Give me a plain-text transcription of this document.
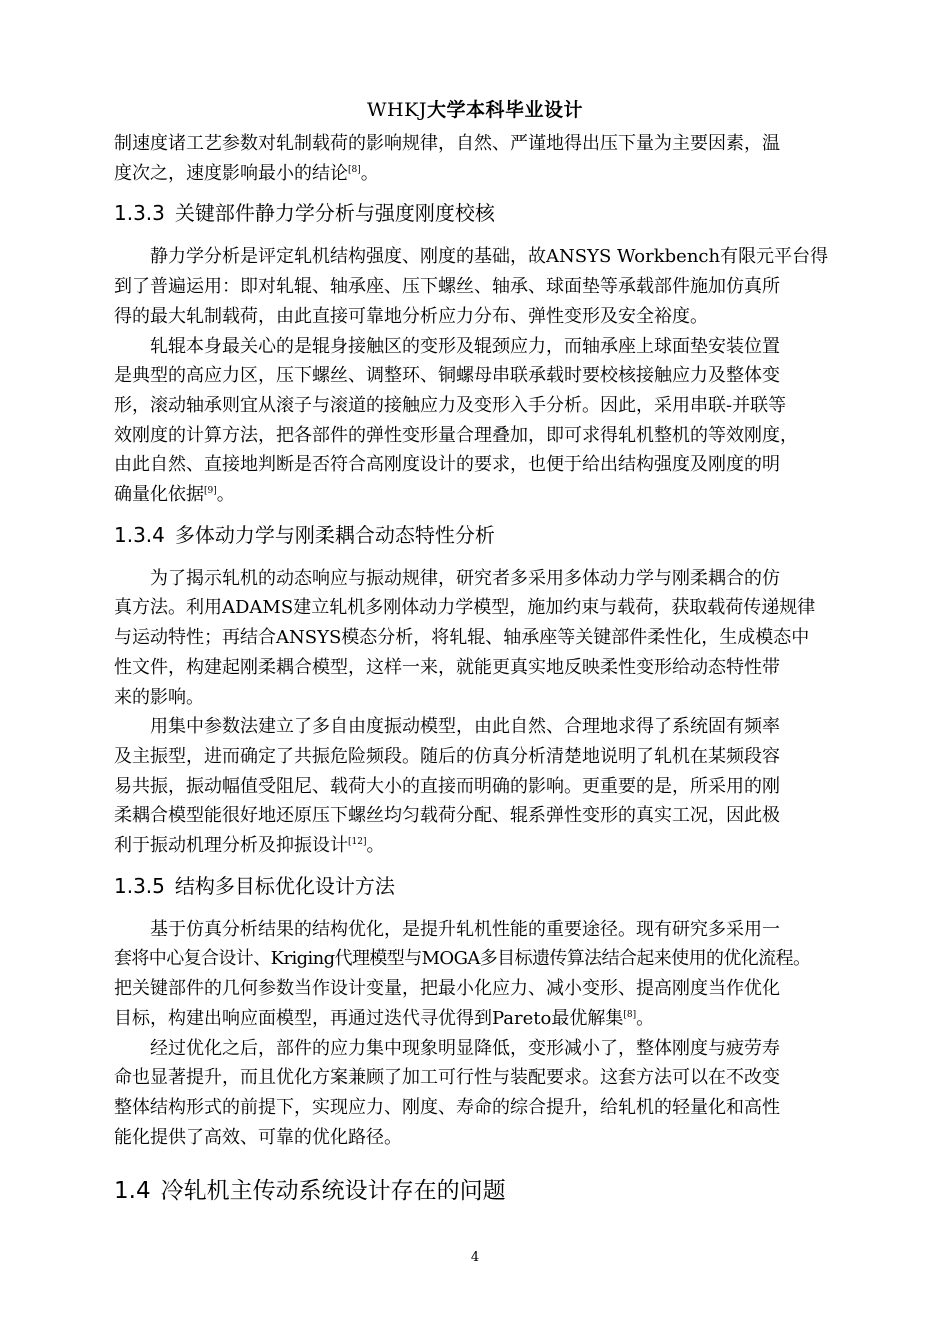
WHKJ大学本科毕业设计

制速度诸工艺参数对轧制载荷的影响规律，自然、严谨地得出压下量为主要因素，温
度次之，速度影响最小的结论[8]。

1.3.3 关键部件静力学分析与强度刚度校核

静力学分析是评定轧机结构强度、刚度的基础，故ANSYS Workbench有限元平台得
到了普遍运用：即对轧辊、轴承座、压下螺丝、轴承、球面垫等承载部件施加仿真所
得的最大轧制载荷，由此直接可靠地分析应力分布、弹性变形及安全裕度。

轧辊本身最关心的是辊身接触区的变形及辊颈应力，而轴承座上球面垫安装位置
是典型的高应力区，压下螺丝、调整环、铜螺母串联承载时要校核接触应力及整体变
形，滚动轴承则宜从滚子与滚道的接触应力及变形入手分析。因此，采用串联-并联等
效刚度的计算方法，把各部件的弹性变形量合理叠加，即可求得轧机整机的等效刚度，
由此自然、直接地判断是否符合高刚度设计的要求，也便于给出结构强度及刚度的明
确量化依据[9]。

1.3.4 多体动力学与刚柔耦合动态特性分析

为了揭示轧机的动态响应与振动规律，研究者多采用多体动力学与刚柔耦合的仿
真方法。利用ADAMS建立轧机多刚体动力学模型，施加约束与载荷，获取载荷传递规律
与运动特性；再结合ANSYS模态分析，将轧辊、轴承座等关键部件柔性化，生成模态中
性文件，构建起刚柔耦合模型，这样一来，就能更真实地反映柔性变形给动态特性带
来的影响。

用集中参数法建立了多自由度振动模型，由此自然、合理地求得了系统固有频率
及主振型，进而确定了共振危险频段。随后的仿真分析清楚地说明了轧机在某频段容
易共振，振动幅值受阻尼、载荷大小的直接而明确的影响。更重要的是，所采用的刚
柔耦合模型能很好地还原压下螺丝均匀载荷分配、辊系弹性变形的真实工况，因此极
利于振动机理分析及抑振设计[12]。

1.3.5 结构多目标优化设计方法

基于仿真分析结果的结构优化，是提升轧机性能的重要途径。现有研究多采用一
套将中心复合设计、Kriging代理模型与MOGA多目标遗传算法结合起来使用的优化流程。
把关键部件的几何参数当作设计变量，把最小化应力、减小变形、提高刚度当作优化
目标，构建出响应面模型，再通过迭代寻优得到Pareto最优解集[8]。

经过优化之后，部件的应力集中现象明显降低，变形减小了，整体刚度与疲劳寿
命也显著提升，而且优化方案兼顾了加工可行性与装配要求。这套方法可以在不改变
整体结构形式的前提下，实现应力、刚度、寿命的综合提升，给轧机的轻量化和高性
能化提供了高效、可靠的优化路径。

1.4 冷轧机主传动系统设计存在的问题
4
